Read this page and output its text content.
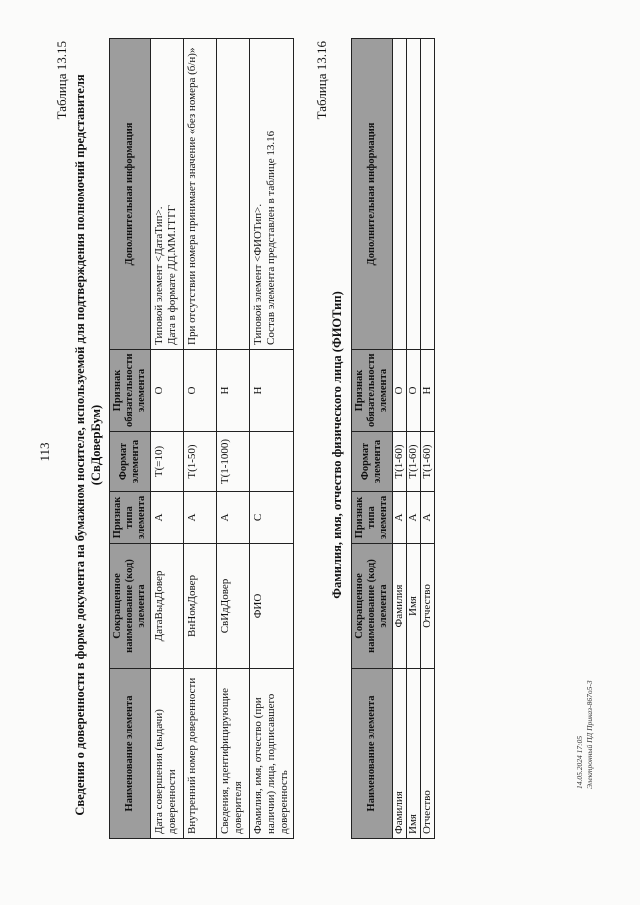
113
Таблица 13.15 Сведения о доверенности в форме документа на бумажном носителе, используемой для подтверждения полномочий представителя (СвДоверБум)
Наименование элемента	Сокращенное наименование (код) элемента	Признак типа элемента	Формат элемента	Признак обязательности элемента	Дополнительная информация
Дата совершения (выдачи) доверенности	ДатаВыдДовер	А	T(=10)	О	Типовой элемент <ДатаТип>. Дата в формате ДД.ММ.ГГГГ

Внутренний номер доверенности	ВнНомДовер	А	T(1-50)	О	При отсутствии номера принимает значение «без номера (б/н)»

Сведения, идентифицирующие доверителя	СвИдДовер	А	T(1-1000)	Н	

Фамилия, имя, отчество (при наличии) лица, подписавшего доверенность	ФИО	С		Н	Типовой элемент <ФИОТип>. Состав элемента представлен в таблице 13.16
Таблица 13.16
Фамилия, имя, отчество физического лица (ФИОТип)
Наименование элемента	Сокращенное наименование (код) элемента	Признак типа элемента	Формат элемента	Признак обязательности элемента	Дополнительная информация
Фамилия	Фамилия	А	T(1-60)	О	
Имя	Имя	А	T(1-60)	О	
Отчество	Отчество	А	T(1-60)	Н	
14.05.2024 17:05 Электронный ПД Приказ-867о5-3
